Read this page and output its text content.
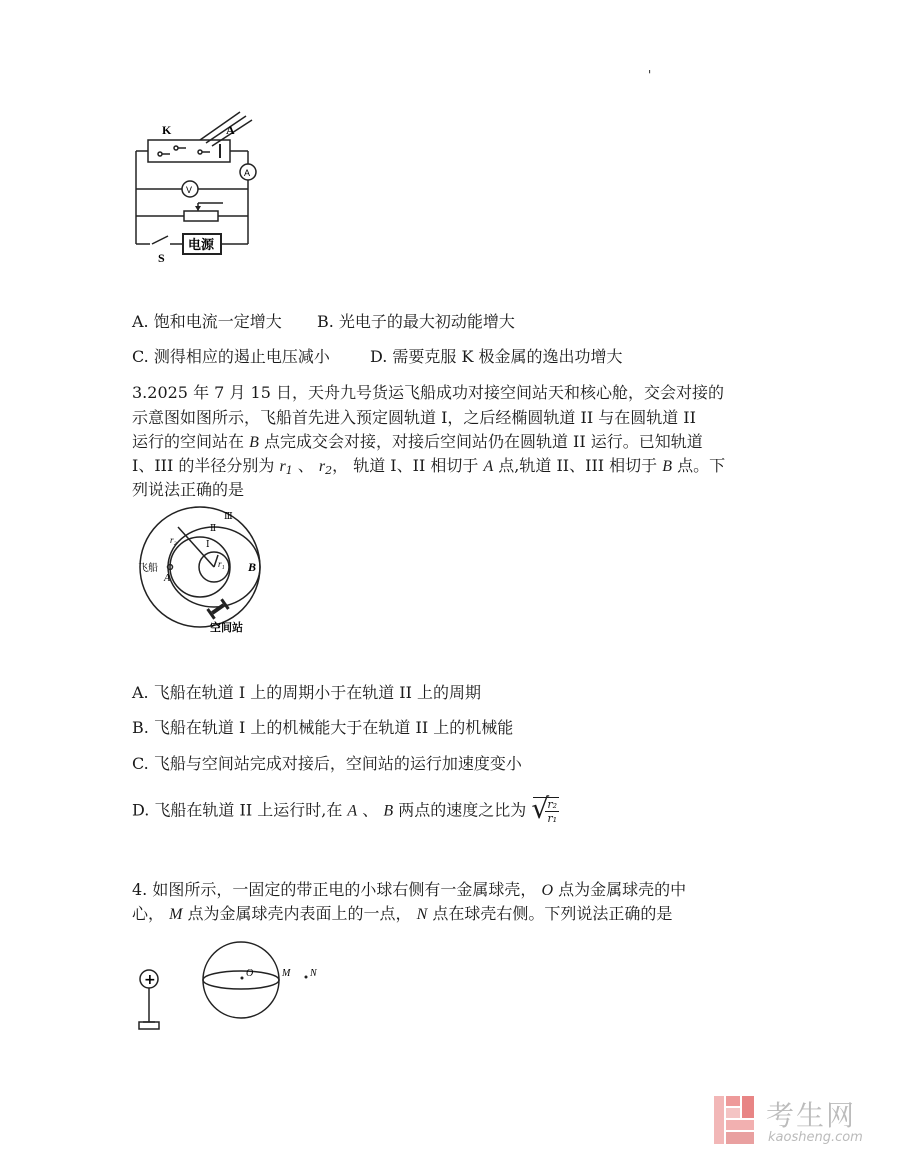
'
K	A
A
V
S
电源
A. 饱和电流一定增大 B. 光电子的最大初动能增大
C. 测得相应的遏止电压减小	D. 需要克服 K 极金属的逸出功增大
3.2025 年 7 月 15 日，天舟九号货运飞船成功对接空间站天和核心舱，交会对接的
示意图如图所示，飞船首先进入预定圆轨道 I，之后经椭圆轨道 II 与在圆轨道 II
运行的空间站在 B 点完成交会对接，对接后空间站仍在圆轨道 II 运行。已知轨道
I、III 的半径分别为 $r_1$ 、 $r_2$， 轨道 I、II 相切于 A 点,轨道 II、III 相切于 B 点。下
列说法正确的是
Ⅲ
Ⅱ
Ⅰ
r₂
r₁
飞船
A
B
空间站
A. 飞船在轨道 I 上的周期小于在轨道 II 上的周期
B. 飞船在轨道 I 上的机械能大于在轨道 II 上的机械能
C. 飞船与空间站完成对接后，空间站的运行加速度变小
D. 飞船在轨道 II 上运行时,在 A 、 B 两点的速度之比为
√ $\frac{\text{r₂}}{\text{r₁}}$
4. 如图所示，一固定的带正电的小球右侧有一金属球壳， O 点为金属球壳的中
心， M 点为金属球壳内表面上的一点， N 点在球壳右侧。下列说法正确的是
+	O	M N
考生网
kaosheng.com
